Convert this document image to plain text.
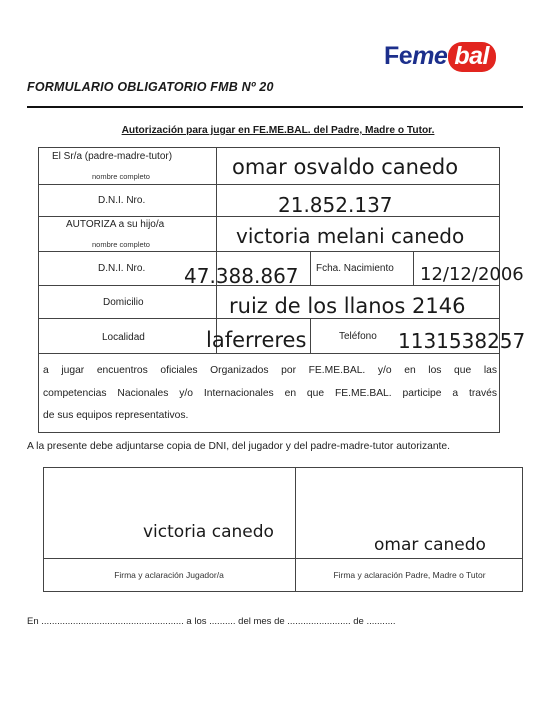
Feme bal
FORMULARIO OBLIGATORIO FMB Nº 20
Autorización para jugar en FE.ME.BAL. del Padre, Madre o Tutor.
El Sr/a (padre-madre-tutor)
nombre completo	omar osvaldo canedo
D.N.I. Nro.	21.852.137
AUTORIZA a su hijo/a
nombre completo	victoria melani canedo
D.N.I. Nro. 47.388.867 Fcha. Nacimiento 12/12/2006
Domicilio	ruiz de los llanos 2146
Localidad	laferreres	Teléfono 1131538257
a jugar encuentros oficiales Organizados por FE.ME.BAL. y/o en los que las
competencias Nacionales y/o Internacionales en que FE.ME.BAL. participe a través
de sus equipos representativos.
A la presente debe adjuntarse copia de DNI, del jugador y del padre-madre-tutor autorizante.
victoria canedo
omar canedo
Firma y aclaración Jugador/a	Firma y aclaración Padre, Madre o Tutor
En ...................................................... a los .......... del mes de ........................ de ...........
